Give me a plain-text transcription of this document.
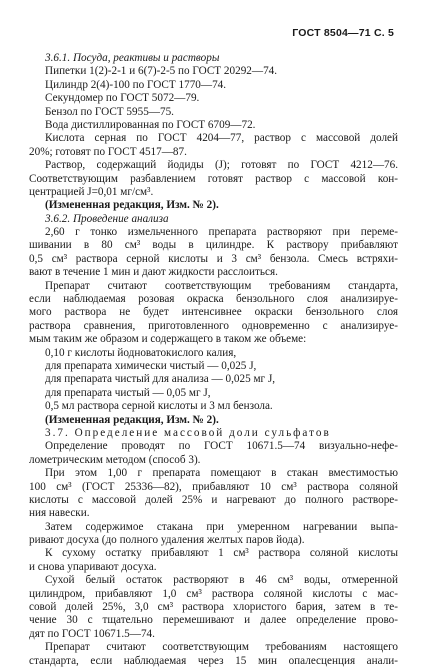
ГОСТ 8504—71 С. 5
3.6.1. Посуда, реактивы и растворы
Пипетки 1(2)-2-1 и 6(7)-2-5 по ГОСТ 20292—74.
Цилиндр 2(4)-100 по ГОСТ 1770—74.
Секундомер по ГОСТ 5072—79.
Бензол по ГОСТ 5955—75.
Вода дистиллированная по ГОСТ 6709—72.
Кислота серная по ГОСТ 4204—77, раствор с массовой долей
20%; готовят по ГОСТ 4517—87.
Раствор, содержащий йодиды (J); готовят по ГОСТ 4212—76.
Соответствующим разбавлением готовят раствор с массовой кон-
центрацией J=0,01 мг/см³.
(Измененная редакция, Изм. № 2).
3.6.2. Проведение анализа
2,60 г тонко измельченного препарата растворяют при переме-
шивании в 80 см³ воды в цилиндре. К раствору прибавляют
0,5 см³ раствора серной кислоты и 3 см³ бензола. Смесь встряхи-
вают в течение 1 мин и дают жидкости расслоиться.
Препарат считают соответствующим требованиям стандарта,
если наблюдаемая розовая окраска бензольного слоя анализируе-
мого раствора не будет интенсивнее окраски бензольного слоя
раствора сравнения, приготовленного одновременно с анализируе-
мым таким же образом и содержащего в таком же объеме:
0,10 г кислоты йодноватокислого калия,
для препарата химически чистый — 0,025 J,
для препарата чистый для анализа — 0,025 мг J,
для препарата чистый — 0,05 мг J,
0,5 мл раствора серной кислоты и 3 мл бензола.
(Измененная редакция, Изм. № 2).
3.7. Определение массовой доли сульфатов
Определение проводят по ГОСТ 10671.5—74 визуально-нефе-
лометрическим методом (способ 3).
При этом 1,00 г препарата помещают в стакан вместимостью
100 см³ (ГОСТ 25336—82), прибавляют 10 см³ раствора соляной
кислоты с массовой долей 25% и нагревают до полного растворе-
ния навески.
Затем содержимое стакана при умеренном нагревании выпа-
ривают досуха (до полного удаления желтых паров йода).
К сухому остатку прибавляют 1 см³ раствора соляной кислоты
и снова упаривают досуха.
Сухой белый остаток растворяют в 46 см³ воды, отмеренной
цилиндром, прибавляют 1,0 см³ раствора соляной кислоты с мас-
совой долей 25%, 3,0 см³ раствора хлористого бария, затем в те-
чение 30 с тщательно перемешивают и далее определение прово-
дят по ГОСТ 10671.5—74.
Препарат считают соответствующим требованиям настоящего
стандарта, если наблюдаемая через 15 мин опалесценция анали-
